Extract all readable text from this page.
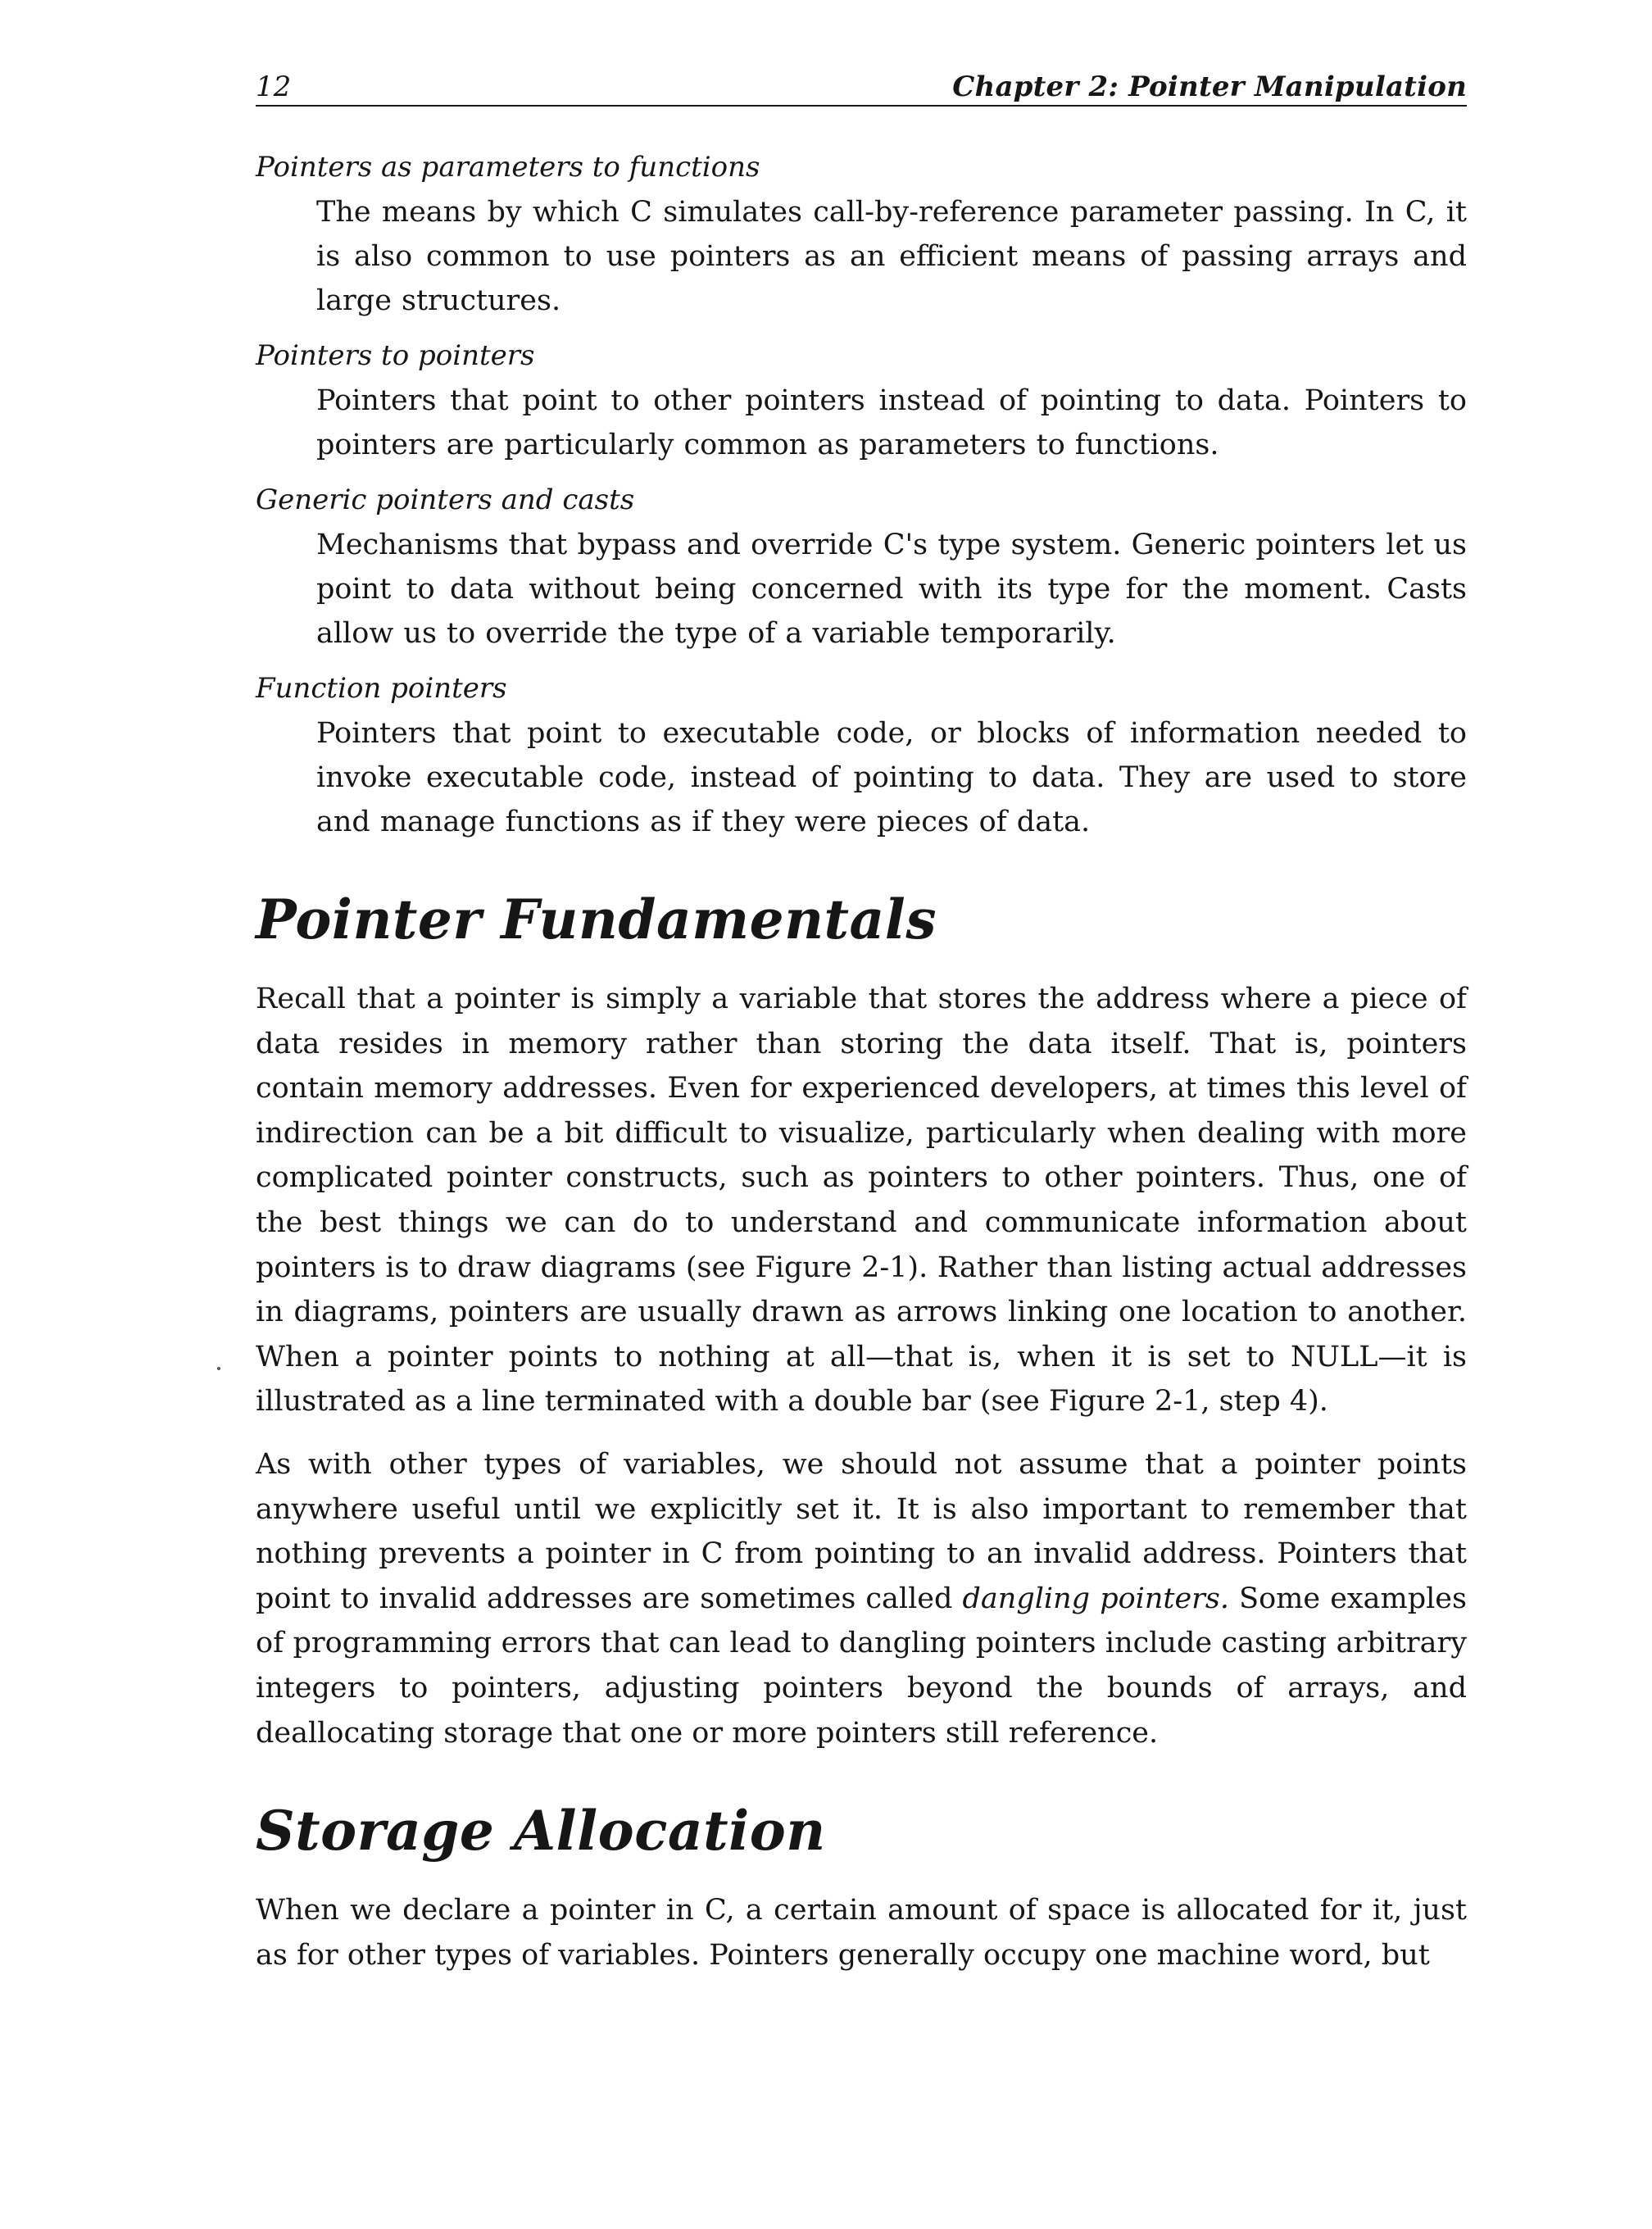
12	Chapter 2: Pointer Manipulation

Pointers as parameters to functions

The means by which C simulates call-by-reference parameter passing. In C, it is also common to use pointers as an efficient means of passing arrays and large structures.

Pointers to pointers

Pointers that point to other pointers instead of pointing to data. Pointers to pointers are particularly common as parameters to functions.

Generic pointers and casts

Mechanisms that bypass and override C's type system. Generic pointers let us point to data without being concerned with its type for the moment. Casts allow us to override the type of a variable temporarily.

Function pointers

Pointers that point to executable code, or blocks of information needed to invoke executable code, instead of pointing to data. They are used to store and manage functions as if they were pieces of data.

Pointer Fundamentals

Recall that a pointer is simply a variable that stores the address where a piece of data resides in memory rather than storing the data itself. That is, pointers contain memory addresses. Even for experienced developers, at times this level of indirection can be a bit difficult to visualize, particularly when dealing with more complicated pointer constructs, such as pointers to other pointers. Thus, one of the best things we can do to understand and communicate information about pointers is to draw diagrams (see Figure 2-1). Rather than listing actual addresses in diagrams, pointers are usually drawn as arrows linking one location to another. When a pointer points to nothing at all—that is, when it is set to NULL—it is illustrated as a line terminated with a double bar (see Figure 2-1, step 4).

As with other types of variables, we should not assume that a pointer points anywhere useful until we explicitly set it. It is also important to remember that nothing prevents a pointer in C from pointing to an invalid address. Pointers that point to invalid addresses are sometimes called dangling pointers. Some examples of programming errors that can lead to dangling pointers include casting arbitrary integers to pointers, adjusting pointers beyond the bounds of arrays, and deallocating storage that one or more pointers still reference.

Storage Allocation

When we declare a pointer in C, a certain amount of space is allocated for it, just as for other types of variables. Pointers generally occupy one machine word, but
